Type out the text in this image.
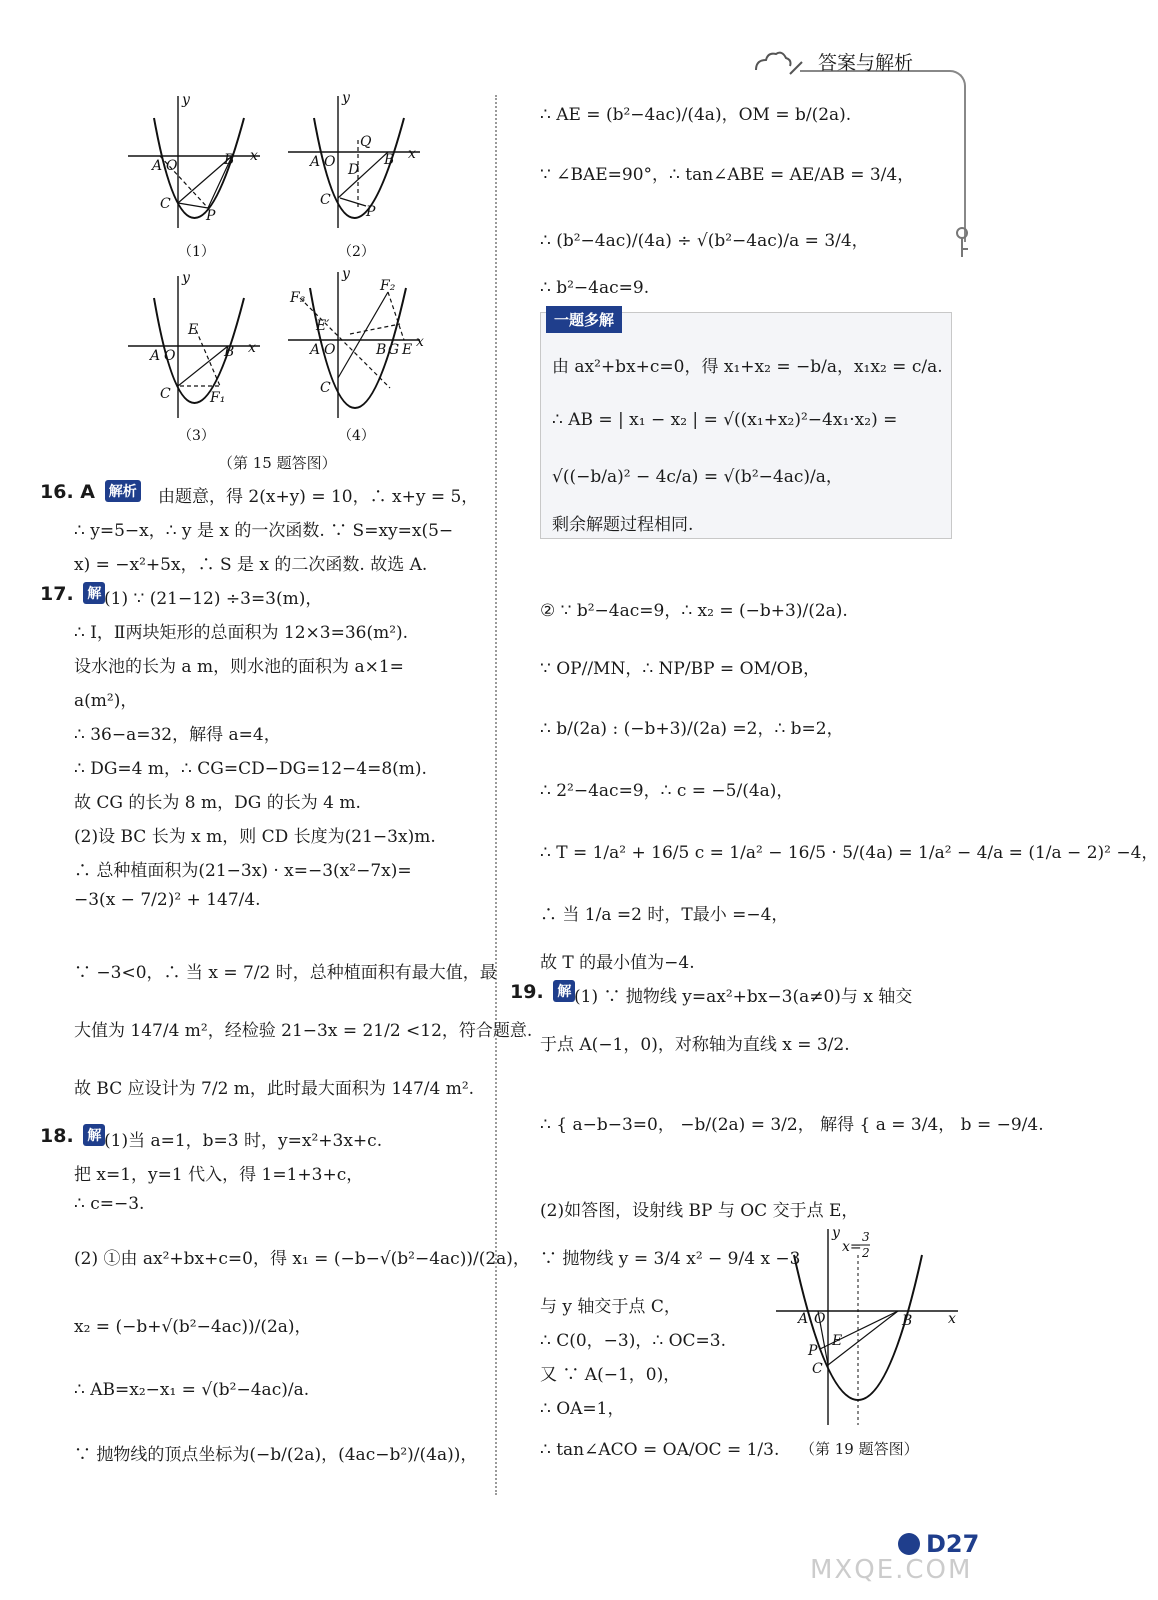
答案与解析
A O	B x
y
C
P
A O
Q
D
B x
y
C
P
（1）	（2）
A O
E
B x
y
C	F₁
F₃
F₂
E′
A O	B G E
y
x
C
（3）	（4）
（第 15 题答图）
16. A 解析	由题意，得 2(x+y) = 10，∴ x+y = 5，
∴ y=5−x，∴ y 是 x 的一次函数. ∵ S=xy=x(5−
x) = −x²+5x，∴ S 是 x 的二次函数. 故选 A.
17. 解 (1) ∵ (21−12) ÷3=3(m)，
∴ Ⅰ，Ⅱ两块矩形的总面积为 12×3=36(m²).
设水池的长为 a m，则水池的面积为 a×1=
a(m²)，
∴ 36−a=32，解得 a=4，
∴ DG=4 m，∴ CG=CD−DG=12−4=8(m).
故 CG 的长为 8 m，DG 的长为 4 m.
(2)设 BC 长为 x m，则 CD 长度为(21−3x)m.
∴ 总种植面积为(21−3x) · x=−3(x²−7x)=
−3(x − 7/2)² + 147/4.
∵ −3<0，∴ 当 x = 7/2 时，总种植面积有最大值，最
大值为 147/4 m²，经检验 21−3x = 21/2 <12，符合题意.
故 BC 应设计为 7/2 m，此时最大面积为 147/4 m².
18. 解 (1)当 a=1，b=3 时，y=x²+3x+c.
把 x=1，y=1 代入，得 1=1+3+c，
∴ c=−3.
(2) ①由 ax²+bx+c=0，得 x₁ = (−b−√(b²−4ac))/(2a)，
x₂ = (−b+√(b²−4ac))/(2a)，
∴ AB=x₂−x₁ = √(b²−4ac)/a.
∵ 抛物线的顶点坐标为(−b/(2a)，(4ac−b²)/(4a))，
∴ AE = (b²−4ac)/(4a)，OM = b/(2a).
∵ ∠BAE=90°，∴ tan∠ABE = AE/AB = 3/4，
∴ (b²−4ac)/(4a) ÷ √(b²−4ac)/a = 3/4，
∴ b²−4ac=9.
一题多解
由 ax²+bx+c=0，得 x₁+x₂ = −b/a，x₁x₂ = c/a.
∴ AB = | x₁ − x₂ | = √((x₁+x₂)²−4x₁·x₂) =
√((−b/a)² − 4c/a) = √(b²−4ac)/a，
剩余解题过程相同.
② ∵ b²−4ac=9，∴ x₂ = (−b+3)/(2a).
∵ OP//MN，∴ NP/BP = OM/OB，
∴ b/(2a) : (−b+3)/(2a) =2，∴ b=2，
∴ 2²−4ac=9，∴ c = −5/(4a)，
∴ T = 1/a² + 16/5 c = 1/a² − 16/5 · 5/(4a) = 1/a² − 4/a = (1/a − 2)² −4，
∴ 当 1/a =2 时，T最小 =−4，
故 T 的最小值为−4.
19. 解 (1) ∵ 抛物线 y=ax²+bx−3(a≠0)与 x 轴交
于点 A(−1，0)，对称轴为直线 x = 3/2.
∴ { a−b−3=0， −b/(2a) = 3/2， 解得 { a = 3/4， b = −9/4.
(2)如答图，设射线 BP 与 OC 交于点 E，
∵ 抛物线 y = 3/4 x² − 9/4 x −3
与 y 轴交于点 C，
∴ C(0，−3)，∴ OC=3.
又 ∵ A(−1，0)，
∴ OA=1，
∴ tan∠ACO = OA/OC = 1/3.
A O	B	x
y
P
E
C
x=
3
2
（第 19 题答图）
D27
MXQE.COM
